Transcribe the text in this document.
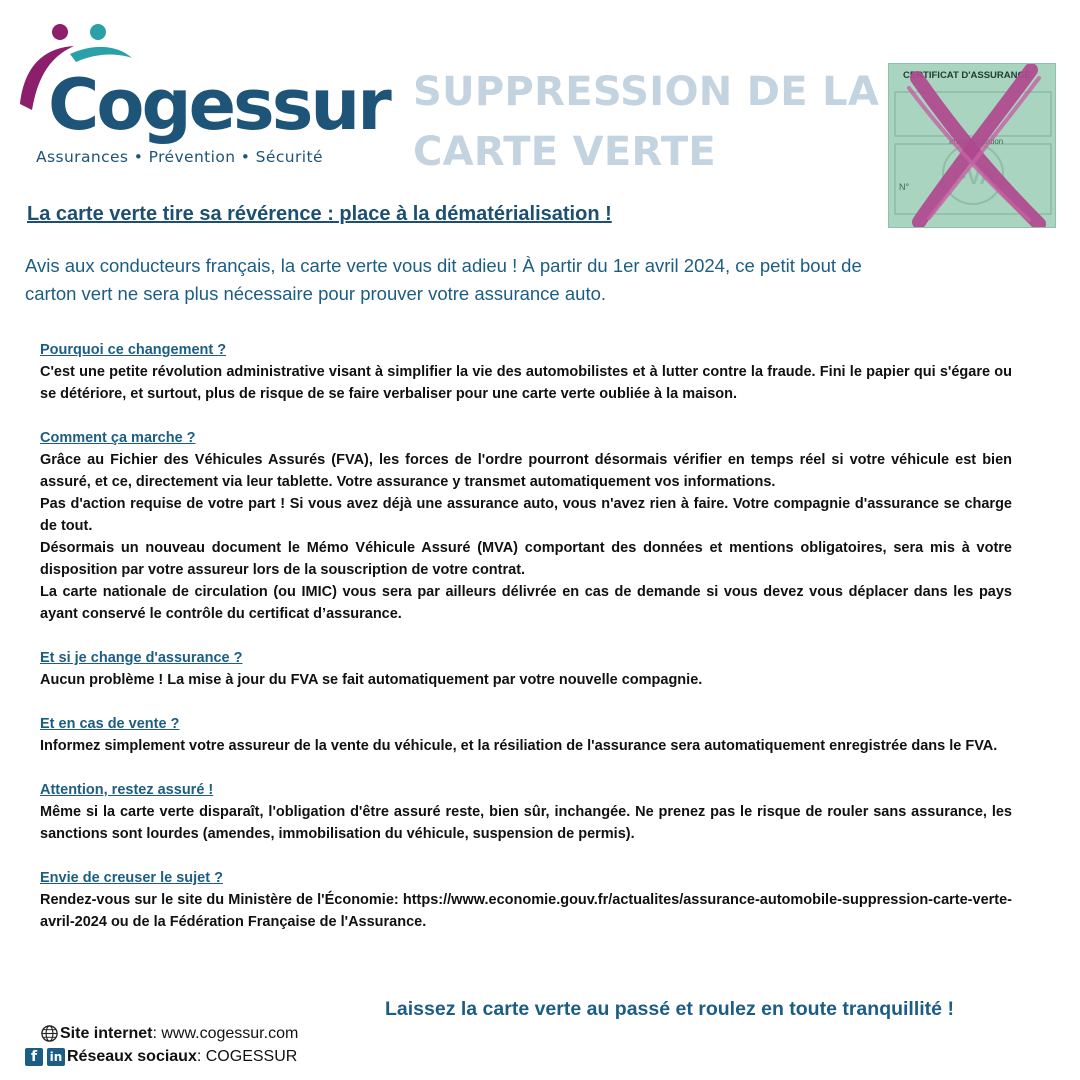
Cogessur
Assurances • Prévention • Sécurité
SUPPRESSION DE LA
CARTE VERTE
CERTIFICAT D'ASSURANCE
Immatriculation
N° FVA
La carte verte tire sa révérence : place à la dématérialisation !
Avis aux conducteurs français, la carte verte vous dit adieu ! À partir du 1er avril 2024, ce petit bout de carton vert ne sera plus nécessaire pour prouver votre assurance auto.
Pourquoi ce changement ?

C'est une petite révolution administrative visant à simplifier la vie des automobilistes et à lutter contre la fraude. Fini le papier qui s'égare ou se détériore, et surtout, plus de risque de se faire verbaliser pour une carte verte oubliée à la maison.

Comment ça marche ?

Grâce au Fichier des Véhicules Assurés (FVA), les forces de l'ordre pourront désormais vérifier en temps réel si votre véhicule est bien assuré, et ce, directement via leur tablette. Votre assurance y transmet automatiquement vos informations.

Pas d'action requise de votre part ! Si vous avez déjà une assurance auto, vous n'avez rien à faire. Votre compagnie d'assurance se charge de tout.

Désormais un nouveau document le Mémo Véhicule Assuré (MVA) comportant des données et mentions obligatoires, sera mis à votre disposition par votre assureur lors de la souscription de votre contrat.

La carte nationale de circulation (ou IMIC) vous sera par ailleurs délivrée en cas de demande si vous devez vous déplacer dans les pays ayant conservé le contrôle du certificat d’assurance.

Et si je change d'assurance ?

Aucun problème ! La mise à jour du FVA se fait automatiquement par votre nouvelle compagnie.

Et en cas de vente ?

Informez simplement votre assureur de la vente du véhicule, et la résiliation de l'assurance sera automatiquement enregistrée dans le FVA.

Attention, restez assuré !

Même si la carte verte disparaît, l'obligation d'être assuré reste, bien sûr, inchangée. Ne prenez pas le risque de rouler sans assurance, les sanctions sont lourdes (amendes, immobilisation du véhicule, suspension de permis).

Envie de creuser le sujet ?

Rendez-vous sur le site du Ministère de l'Économie: https://www.economie.gouv.fr/actualites/assurance-automobile-suppression-carte-verte-avril-2024 ou de la Fédération Française de l'Assurance.

Laissez la carte verte au passé et roulez en toute tranquillité !
Site internet : www.cogessur.com
f	in Réseaux sociaux : COGESSUR
